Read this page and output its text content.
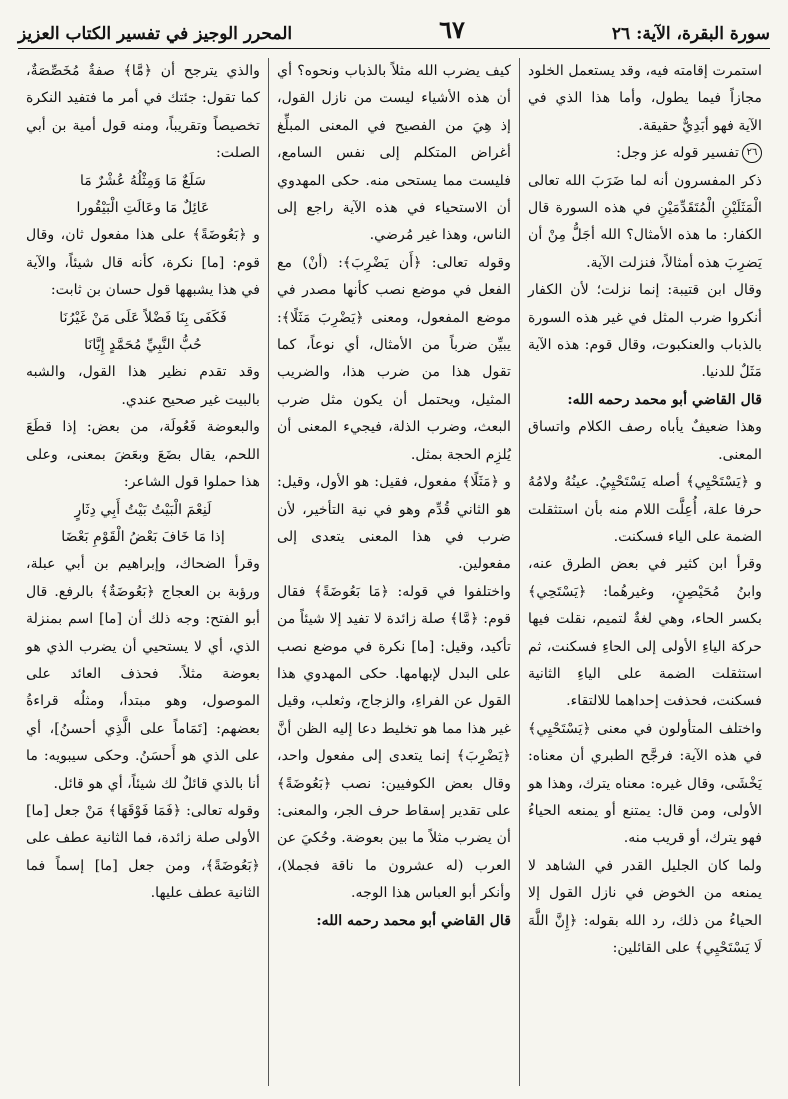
سورة البقرة، الآية: ٢٦
٦٧
المحرر الوجيز في تفسير الكتاب العزيز

استمرت إقامته فيه، وقد يستعمل الخلود مجازاً فيما يطول، وأما هذا الذي في الآية فهو أبَدِيٌّ حقيقة.

٢٦تفسير قوله عز وجل:

ذكر المفسرون أنه لما ضَرَبَ الله تعالى الْمَثَلَيْنِ الْمُتَقَدِّمَيْنِ في هذه السورة قال الكفار: ما هذه الأمثال؟ الله أجَلُّ مِنْ أن يَضرِبَ هذه أمثالاً، فنزلت الآية.

وقال ابن قتيبة: إنما نزلت؛ لأن الكفار أنكروا ضرب المثل في غير هذه السورة بالذباب والعنكبوت، وقال قوم: هذه الآية مَثَلٌ للدنيا.

قال القاضي أبو محمد رحمه الله:

وهذا ضعيفٌ يأباه رصف الكلام واتساق المعنى.

و ﴿يَسْتَحْيِي﴾ أصله يَسْتَحْيِيُ. عينُهُ ولامُهُ حرفا علة، أُعِلَّت اللام منه بأن استثقلت الضمة على الياء فسكنت.

وقرأ ابن كثير في بعض الطرق عنه، وابنُ مُحَيْصِنٍ، وغيرهُما: ﴿يَسْتَحِي﴾ بكسر الحاء، وهي لغةٌ لتميم، نقلت فيها حركة الياءِ الأولى إلى الحاءِ فسكنت، ثم استثقلت الضمة على الياءِ الثانية فسكنت، فحذفت إحداهما للالتقاء.

واختلف المتأولون في معنى ﴿يَسْتَحْيِي﴾ في هذه الآية: فرجَّح الطبري أن معناه: يَخْشَى، وقال غيره: معناه يترك، وهذا هو الأولى، ومن قال: يمتنع أو يمنعه الحياءُ فهو يترك، أو قريب منه.

ولما كان الجليل القدر في الشاهد لا يمنعه من الخوض في نازل القول إلا الحياءُ من ذلك، رد الله بقوله: ﴿إِنَّ اللَّهَ لَا يَسْتَحْيِي﴾ على القائلين:

كيف يضرب الله مثلاً بالذباب ونحوه؟ أي أن هذه الأشياء ليست من نازل القول، إذ هِيَ من الفصيح في المعنى المبلِّغ أغراض المتكلم إلى نفس السامع، فليست مما يستحى منه. حكى المهدوي أن الاستحياء في هذه الآية راجع إلى الناس، وهذا غير مُرضي.

وقوله تعالى: ﴿أَن يَضْرِبَ﴾: (أنْ) مع الفعل في موضع نصب كأنها مصدر في موضع المفعول، ومعنى ﴿يَضْرِبَ مَثَلًا﴾: يبيِّن ضرباً من الأمثال، أي نوعاً، كما تقول هذا من ضرب هذا، والضريب المثيل، ويحتمل أن يكون مثل ضرب البعث، وضرب الذلة، فيجيء المعنى أن يُلزِم الحجة بمثل.

و ﴿مَثَلًا﴾ مفعول، فقيل: هو الأول، وقيل: هو الثاني قُدِّم وهو في نية التأخير، لأن ضرب في هذا المعنى يتعدى إلى مفعولين.

واختلفوا في قوله: ﴿مَا بَعُوضَةً﴾ فقال قوم: ﴿مَّا﴾ صلة زائدة لا تفيد إلا شيئاً من تأكيد، وقيل: [ما] نكرة في موضع نصب على البدل لإبهامها. حكى المهدوي هذا القول عن الفراءِ، والزجاج، وثعلب، وقيل غير هذا مما هو تخليط دعا إليه الظن أنَّ ﴿يَضْرِبَ﴾ إنما يتعدى إلى مفعول واحد، وقال بعض الكوفيين: نصب ﴿بَعُوضَةً﴾ على تقدير إسقاط حرف الجر، والمعنى: أن يضرب مثلاً ما بين بعوضة. وحُكيَ عن العرب (له عشرون ما ناقة فجملا)، وأنكر أبو العباس هذا الوجه.

قال القاضي أبو محمد رحمه الله:

والذي يترجح أن ﴿مَّا﴾ صفةٌ مُخَصِّصَةٌ، كما تقول: جئتك في أمر ما فتفيد النكرة تخصيصاً وتقريباً، ومنه قول أمية بن أبي الصلت:

سَلَعٌ مَا وَمِثْلُهُ عُشْرٌ مَا
عَائِلٌ مَا وعَالَتِ الْبَيْقُورا

و ﴿بَعُوضَةً﴾ على هذا مفعول ثان، وقال قوم: [ما] نكرة، كأنه قال شيئاً، والآية في هذا يشبهها قول حسان بن ثابت:

فَكَفَى بِنَا فَضْلاً عَلَى مَنْ غَيْرُنَا
حُبُّ النَّبِيِّ مُحَمَّدٍ إِيَّانَا

وقد تقدم نظير هذا القول، والشبه بالبيت غير صحيح عندي.

والبعوضة فَعُولَة، من بعض: إذا قطَعَ اللحم، يقال بضَعَ وبعَضَ بمعنى، وعلى هذا حملوا قول الشاعر:

لَنِعْمَ الْبَيْتُ بَيْتُ أَبِي دِثَارٍ
إذا مَا خَافَ بَعْضُ الْقَوْمِ بَعْضَا

وقرأ الضحاك، وإبراهيم بن أبي عبلة، ورؤبة بن العجاج ﴿بَعُوضَةٌ﴾ بالرفع. قال أبو الفتح: وجه ذلك أن [ما] اسم بمنزلة الذي، أي لا يستحيي أن يضرب الذي هو بعوضة مثلاً. فحذف العائد على الموصول، وهو مبتدأ، ومثلُه قراءةُ بعضهم: [تَمَاماً على الَّذِي أحسنُ]، أي على الذي هو أَحسَنُ. وحكى سيبويه: ما أنا بالذي قائلٌ لك شيئاً، أي هو قائل.

وقوله تعالى: ﴿فَمَا فَوْقَهَا﴾ مَنْ جعل [ما] الأولى صلة زائدة، فما الثانية عطف على ﴿بَعُوضَةً﴾، ومن جعل [ما] إسماً فما الثانية عطف عليها.
